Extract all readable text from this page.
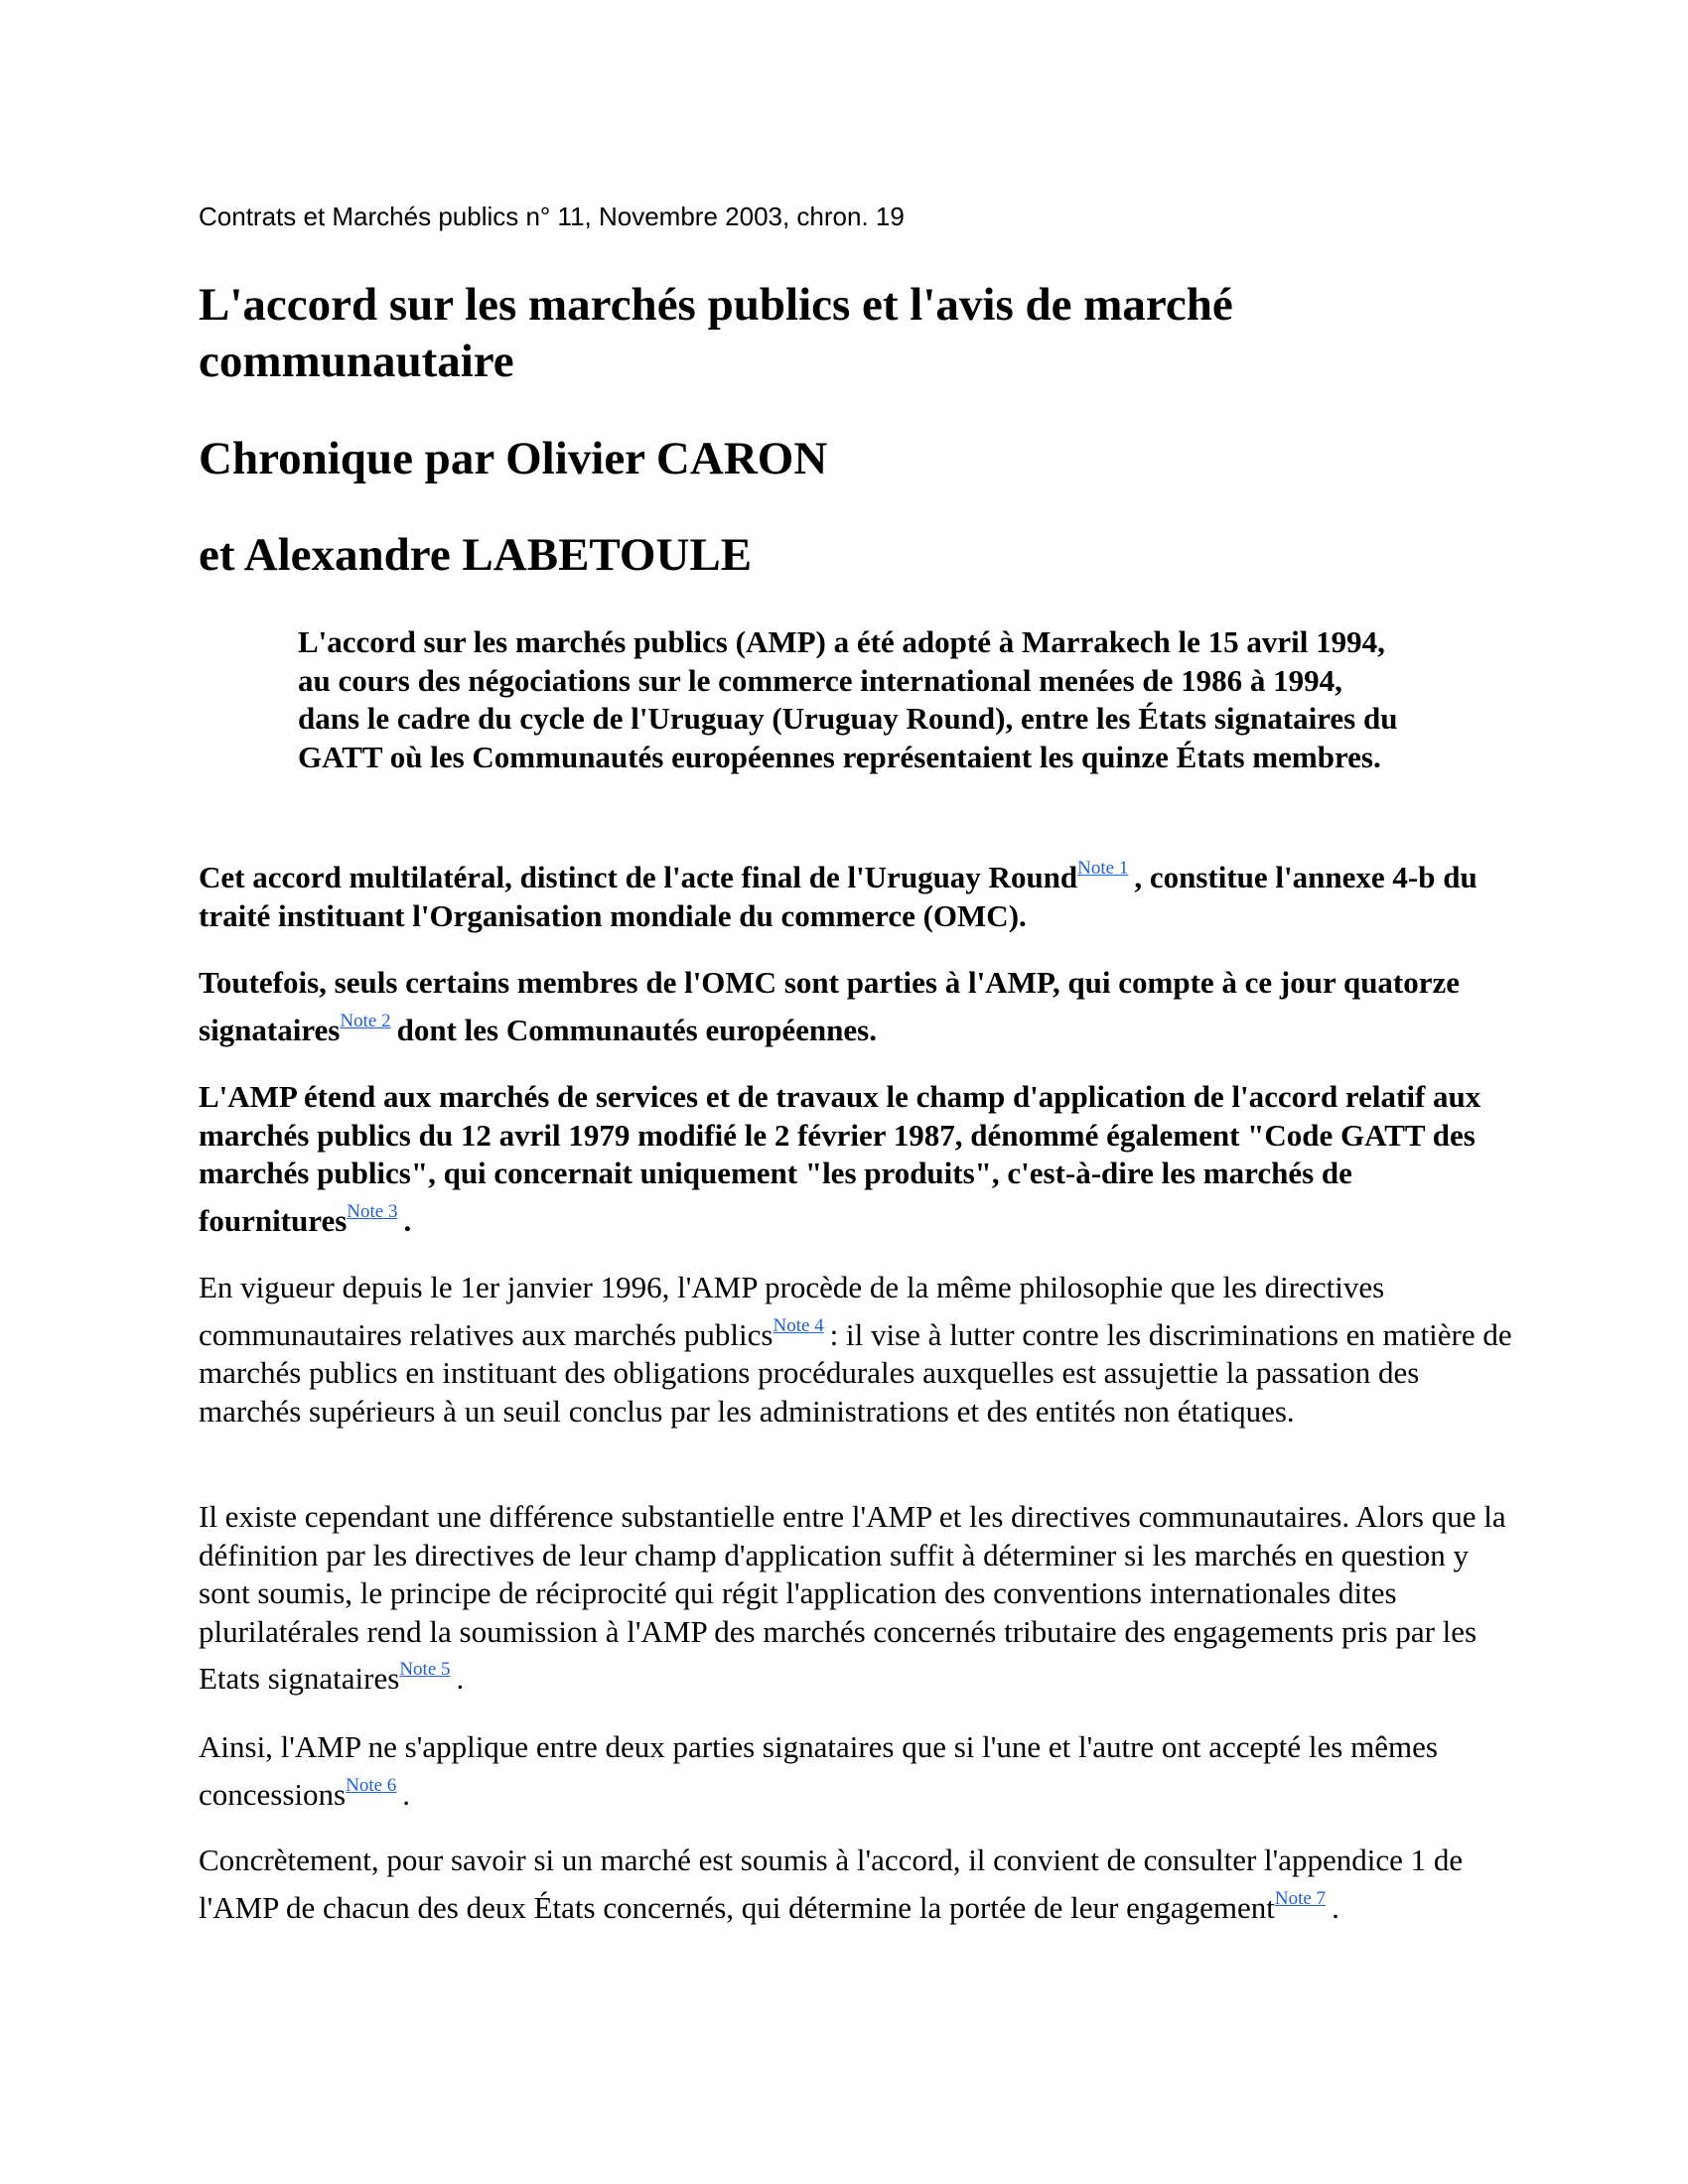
Contrats et Marchés publics n° 11, Novembre 2003, chron. 19
L'accord sur les marchés publics et l'avis de marché communautaire
Chronique par Olivier CARON
et Alexandre LABETOULE

L'accord sur les marchés publics (AMP) a été adopté à Marrakech le 15 avril 1994, au cours des négociations sur le commerce international menées de 1986 à 1994, dans le cadre du cycle de l'Uruguay (Uruguay Round), entre les États signataires du GATT où les Communautés européennes représentaient les quinze États membres.

Cet accord multilatéral, distinct de l'acte final de l'Uruguay Round$^{Note 1}$ , constitue l'annexe 4-b du traité instituant l'Organisation mondiale du commerce (OMC).

Toutefois, seuls certains membres de l'OMC sont parties à l'AMP, qui compte à ce jour quatorze signataires$^{Note 2}$ dont les Communautés européennes.

L'AMP étend aux marchés de services et de travaux le champ d'application de l'accord relatif aux marchés publics du 12 avril 1979 modifié le 2 février 1987, dénommé également "Code GATT des marchés publics", qui concernait uniquement "les produits", c'est-à-dire les marchés de fournitures$^{Note 3}$ .

En vigueur depuis le 1er janvier 1996, l'AMP procède de la même philosophie que les directives communautaires relatives aux marchés publics$^{Note 4}$ : il vise à lutter contre les discriminations en matière de marchés publics en instituant des obligations procédurales auxquelles est assujettie la passation des marchés supérieurs à un seuil conclus par les administrations et des entités non étatiques.

Il existe cependant une différence substantielle entre l'AMP et les directives communautaires. Alors que la définition par les directives de leur champ d'application suffit à déterminer si les marchés en question y sont soumis, le principe de réciprocité qui régit l'application des conventions internationales dites plurilatérales rend la soumission à l'AMP des marchés concernés tributaire des engagements pris par les Etats signataires$^{Note 5}$ .

Ainsi, l'AMP ne s'applique entre deux parties signataires que si l'une et l'autre ont accepté les mêmes concessions$^{Note 6}$ .

Concrètement, pour savoir si un marché est soumis à l'accord, il convient de consulter l'appendice 1 de l'AMP de chacun des deux États concernés, qui détermine la portée de leur engagement$^{Note 7}$ .
